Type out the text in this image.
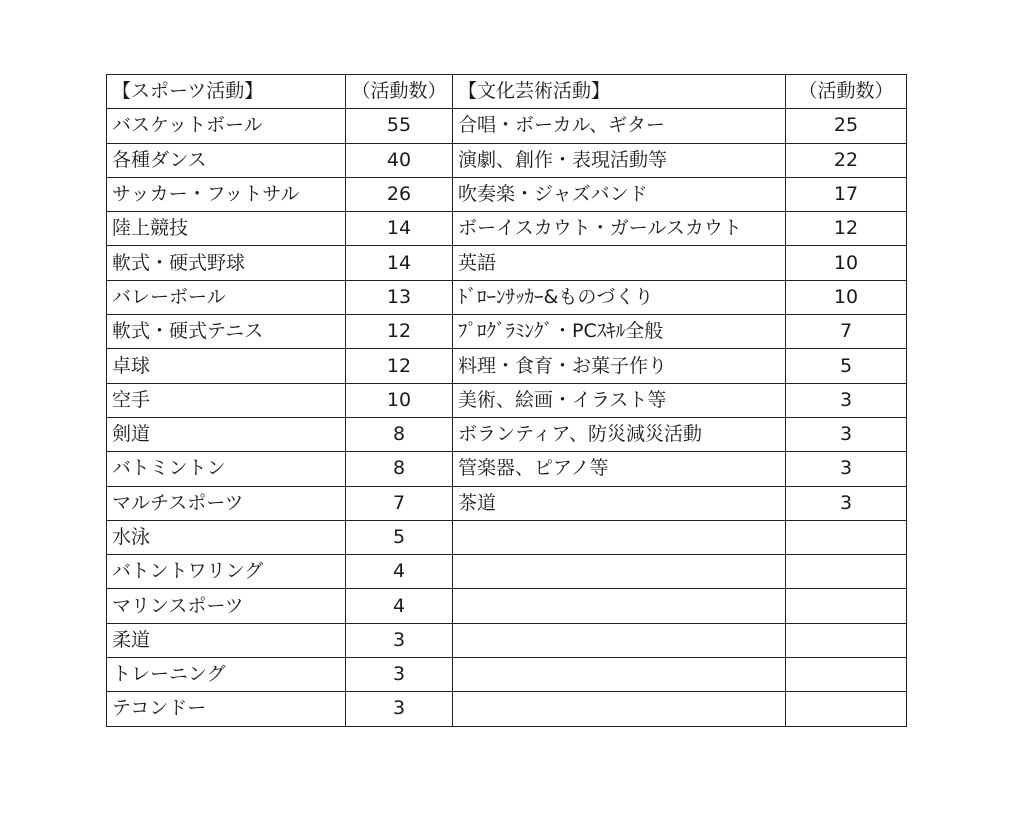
【スポーツ活動】	（活動数）	【文化芸術活動】	（活動数）
バスケットボール	55	合唱・ボーカル、ギター	25
各種ダンス	40	演劇、創作・表現活動等	22
サッカー・フットサル	26	吹奏楽・ジャズバンド	17
陸上競技	14	ボーイスカウト・ガールスカウト	12
軟式・硬式野球	14	英語	10
バレーボール	13	ﾄﾞﾛｰﾝｻｯｶｰ&ものづくり	10
軟式・硬式テニス	12	ﾌﾟﾛｸﾞﾗﾐﾝｸﾞ・PCｽｷﾙ全般	7
卓球	12	料理・食育・お菓子作り	5
空手	10	美術、絵画・イラスト等	3
剣道	8	ボランティア、防災減災活動	3
バトミントン	8	管楽器、ピアノ等	3
マルチスポーツ	7	茶道	3
水泳	5		
バトントワリング	4		
マリンスポーツ	4		
柔道	3		
トレーニング	3		
テコンドー	3		
